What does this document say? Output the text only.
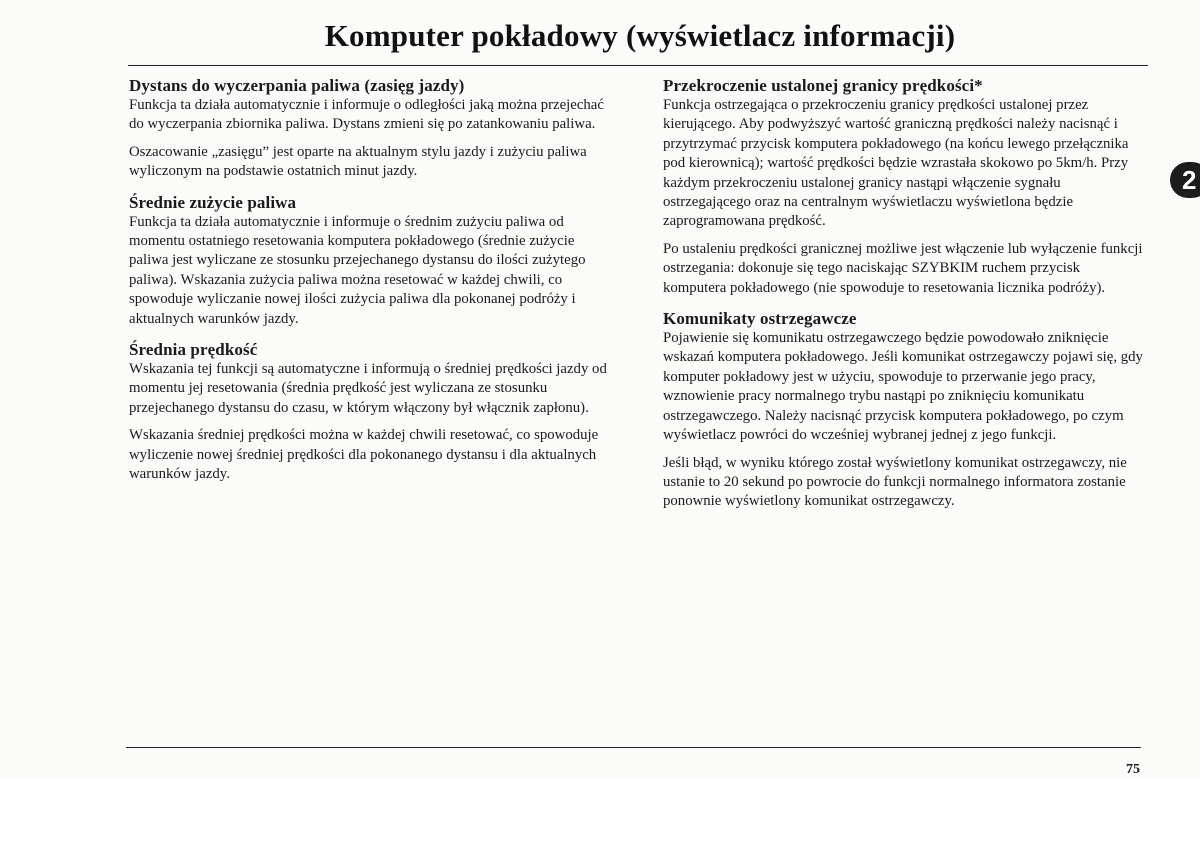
Komputer pokładowy (wyświetlacz informacji)
Dystans do wyczerpania paliwa (zasięg jazdy)

Funkcja ta działa automatycznie i informuje o odległości jaką można przejechać do wyczerpania zbiornika paliwa. Dystans zmieni się po zatankowaniu paliwa.

Oszacowanie „zasięgu” jest oparte na aktualnym stylu jazdy i zużyciu paliwa wyliczonym na podstawie ostatnich minut jazdy.

Średnie zużycie paliwa

Funkcja ta działa automatycznie i informuje o średnim zużyciu paliwa od momentu ostatniego resetowania komputera pokładowego (średnie zużycie paliwa jest wyliczane ze stosunku przejechanego dystansu do ilości zużytego paliwa). Wskazania zużycia paliwa można resetować w każdej chwili, co spowoduje wyliczanie nowej ilości zużycia paliwa dla pokonanej podróży i aktualnych warunków jazdy.

Średnia prędkość

Wskazania tej funkcji są automatyczne i informują o średniej prędkości jazdy od momentu jej resetowania (średnia prędkość jest wyliczana ze stosunku przejechanego dystansu do czasu, w którym włączony był włącznik zapłonu).

Wskazania średniej prędkości można w każdej chwili resetować, co spowoduje wyliczenie nowej średniej prędkości dla pokonanego dystansu i dla aktualnych warunków jazdy.

Przekroczenie ustalonej granicy prędkości*

Funkcja ostrzegająca o przekroczeniu granicy prędkości ustalonej przez kierującego. Aby podwyższyć wartość graniczną prędkości należy nacisnąć i przytrzymać przycisk komputera pokładowego (na końcu lewego przełącznika pod kierownicą); wartość prędkości będzie wzrastała skokowo po 5km/h. Przy każdym przekroczeniu ustalonej granicy nastąpi włączenie sygnału ostrzegającego oraz na centralnym wyświetlaczu wyświetlona będzie zaprogramowana prędkość.

Po ustaleniu prędkości granicznej możliwe jest włączenie lub wyłączenie funkcji ostrzegania: dokonuje się tego naciskając SZYBKIM ruchem przycisk komputera pokładowego (nie spowoduje to resetowania licznika podróży).

Komunikaty ostrzegawcze

Pojawienie się komunikatu ostrzegawczego będzie powodowało zniknięcie wskazań komputera pokładowego. Jeśli komunikat ostrzegawczy pojawi się, gdy komputer pokładowy jest w użyciu, spowoduje to przerwanie jego pracy, wznowienie pracy normalnego trybu nastąpi po zniknięciu komunikatu ostrzegawczego. Należy nacisnąć przycisk komputera pokładowego, po czym wyświetlacz powróci do wcześniej wybranej jednej z jego funkcji.

Jeśli błąd, w wyniku którego został wyświetlony komunikat ostrzegawczy, nie ustanie to 20 sekund po powrocie do funkcji normalnego informatora zostanie ponownie wyświetlony komunikat ostrzegawczy.

2
75
